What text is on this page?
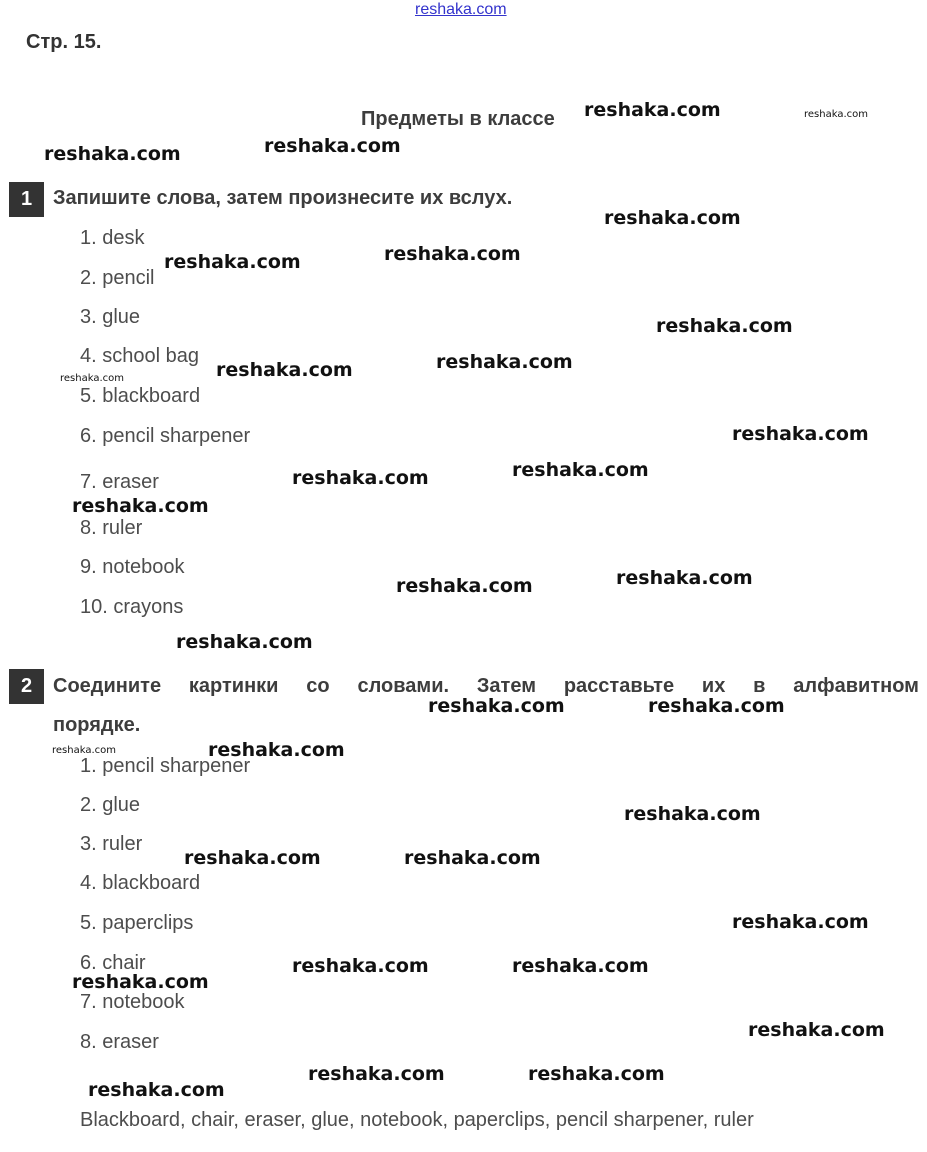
reshaka.com
Стр. 15.
Предметы в классе
1	Запишите слова, затем произнесите их вслух.
1. desk
2. pencil
3. glue
4. school bag
5. blackboard
6. pencil sharpener
7. eraser
8. ruler
9. notebook
10. crayons
2	Соедините картинки со словами. Затем расставьте их в алфавитном
порядке.
1. pencil sharpener
2. glue
3. ruler
4. blackboard
5. paperclips
6. chair
7. notebook
8. eraser
Blackboard, chair, eraser, glue, notebook, paperclips, pencil sharpener, ruler
reshaka.com
reshaka.com	reshaka.com
reshaka.com
reshaka.com	reshaka.com
reshaka.com
reshaka.com	reshaka.com
reshaka.com
reshaka.com	reshaka.com
reshaka.com
reshaka.com	reshaka.com
reshaka.com
reshaka.com	reshaka.com
reshaka.com
reshaka.com
reshaka.com	reshaka.com
reshaka.com
reshaka.com	reshaka.com
reshaka.com
reshaka.com
reshaka.com	reshaka.com
reshaka.com
reshaka.com
reshaka.com
reshaka.com
